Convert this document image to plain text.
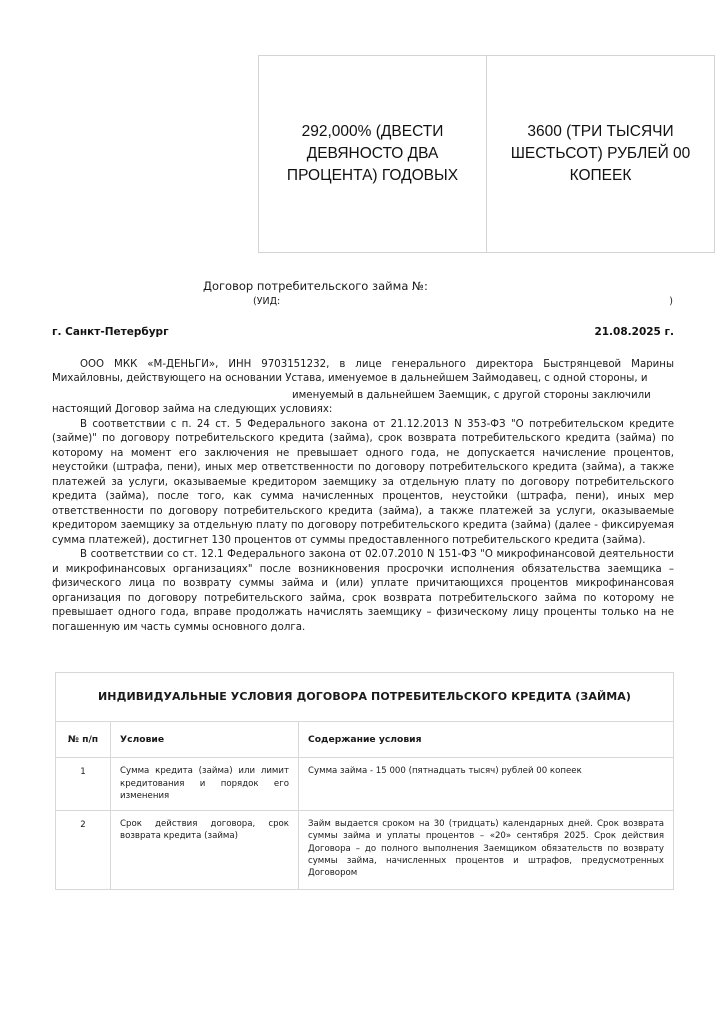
292,000% (ДВЕСТИ ДЕВЯНОСТО ДВА ПРОЦЕНТА) ГОДОВЫХ	3600 (ТРИ ТЫСЯЧИ ШЕСТЬСОТ) РУБЛЕЙ 00 КОПЕЕК
Договор потребительского займа №:
(УИД:	)
г. Санкт-Петербург	21.08.2025 г.

ООО МКК «М-ДЕНЬГИ», ИНН 9703151232, в лице генерального директора Быстрянцевой Марины Михайловны, действующего на основании Устава, именуемое в дальнейшем Займодавец, с одной стороны, и

именуемый в дальнейшем Заемщик, с другой стороны заключили

настоящий Договор займа на следующих условиях:

В соответствии с п. 24 ст. 5 Федерального закона от 21.12.2013 N 353-ФЗ "О потребительском кредите (займе)" по договору потребительского кредита (займа), срок возврата потребительского кредита (займа) по которому на момент его заключения не превышает одного года, не допускается начисление процентов, неустойки (штрафа, пени), иных мер ответственности по договору потребительского кредита (займа), а также платежей за услуги, оказываемые кредитором заемщику за отдельную плату по договору потребительского кредита (займа), после того, как сумма начисленных процентов, неустойки (штрафа, пени), иных мер ответственности по договору потребительского кредита (займа), а также платежей за услуги, оказываемые кредитором заемщику за отдельную плату по договору потребительского кредита (займа) (далее - фиксируемая сумма платежей), достигнет 130 процентов от суммы предоставленного потребительского кредита (займа).

В соответствии со ст. 12.1 Федерального закона от 02.07.2010 N 151-ФЗ "О микрофинансовой деятельности и микрофинансовых организациях" после возникновения просрочки исполнения обязательства заемщика – физического лица по возврату суммы займа и (или) уплате причитающихся процентов микрофинансовая организация по договору потребительского займа, срок возврата потребительского займа по которому не превышает одного года, вправе продолжать начислять заемщику – физическому лицу проценты только на не погашенную им часть суммы основного долга.

ИНДИВИДУАЛЬНЫЕ УСЛОВИЯ ДОГОВОРА ПОТРЕБИТЕЛЬСКОГО КРЕДИТА (ЗАЙМА)		
№ п/п	Условие	Содержание условия
1	Сумма кредита (займа) или лимит кредитования и порядок его изменения	Сумма займа - 15 000 (пятнадцать тысяч) рублей 00 копеек
2	Срок действия договора, срок возврата кредита (займа)	Займ выдается сроком на 30 (тридцать) календарных дней. Срок возврата суммы займа и уплаты процентов – «20» сентября 2025. Срок действия Договора – до полного выполнения Заемщиком обязательств по возврату суммы займа, начисленных процентов и штрафов, предусмотренных Договором
